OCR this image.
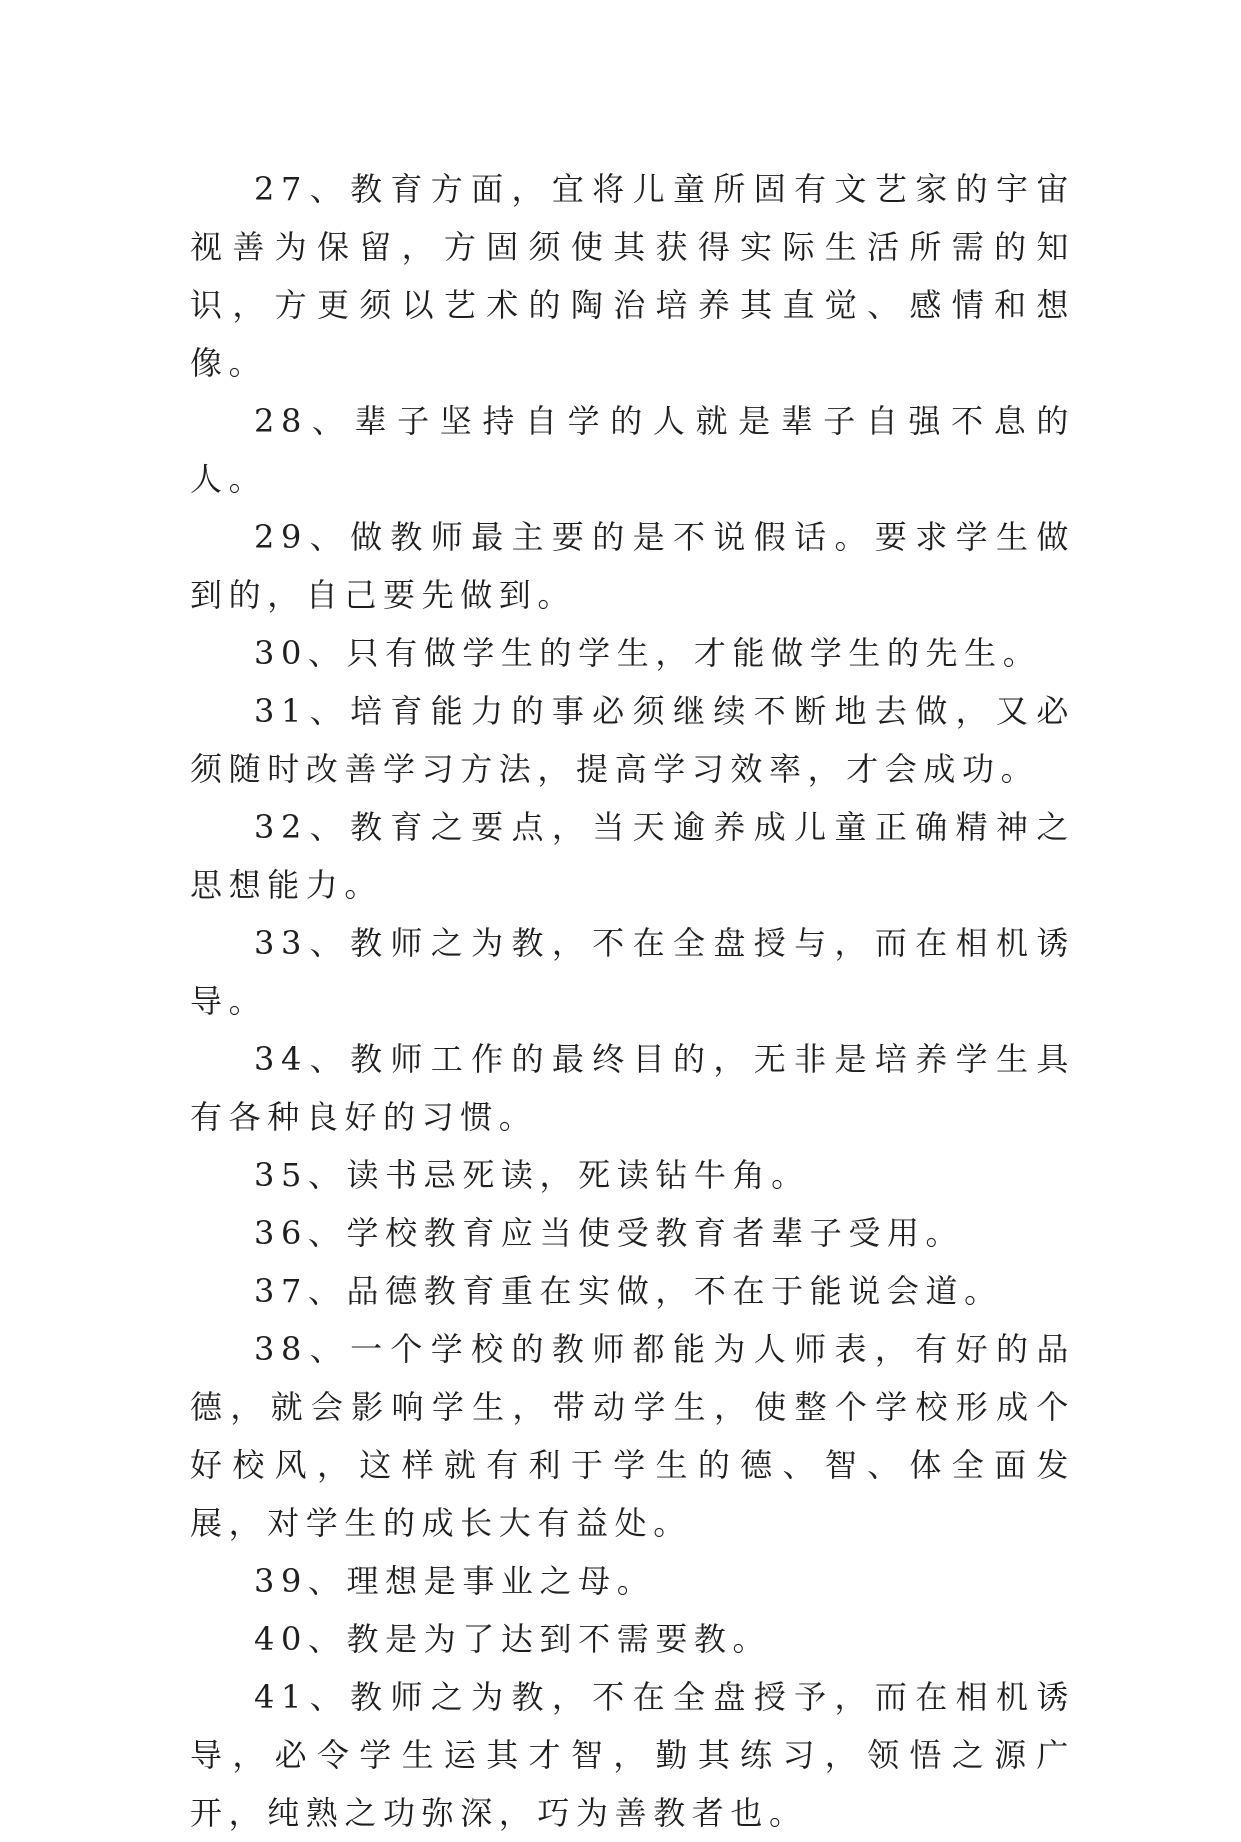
27、教育方面，宜将儿童所固有文艺家的宇宙视善为保留，方固须使其获得实际生活所需的知识，方更须以艺术的陶治培养其直觉、感情和想像。

28、辈子坚持自学的人就是辈子自强不息的人。

29、做教师最主要的是不说假话。要求学生做到的，自己要先做到。

30、只有做学生的学生，才能做学生的先生。

31、培育能力的事必须继续不断地去做，又必须随时改善学习方法，提高学习效率，才会成功。

32、教育之要点，当天逾养成儿童正确精神之思想能力。

33、教师之为教，不在全盘授与，而在相机诱导。

34、教师工作的最终目的，无非是培养学生具有各种良好的习惯。

35、读书忌死读，死读钻牛角。

36、学校教育应当使受教育者辈子受用。

37、品德教育重在实做，不在于能说会道。

38、一个学校的教师都能为人师表，有好的品德，就会影响学生，带动学生，使整个学校形成个好校风，这样就有利于学生的德、智、体全面发展，对学生的成长大有益处。

39、理想是事业之母。

40、教是为了达到不需要教。

41、教师之为教，不在全盘授予，而在相机诱导，必令学生运其才智，勤其练习，领悟之源广开，纯熟之功弥深，巧为善教者也。
